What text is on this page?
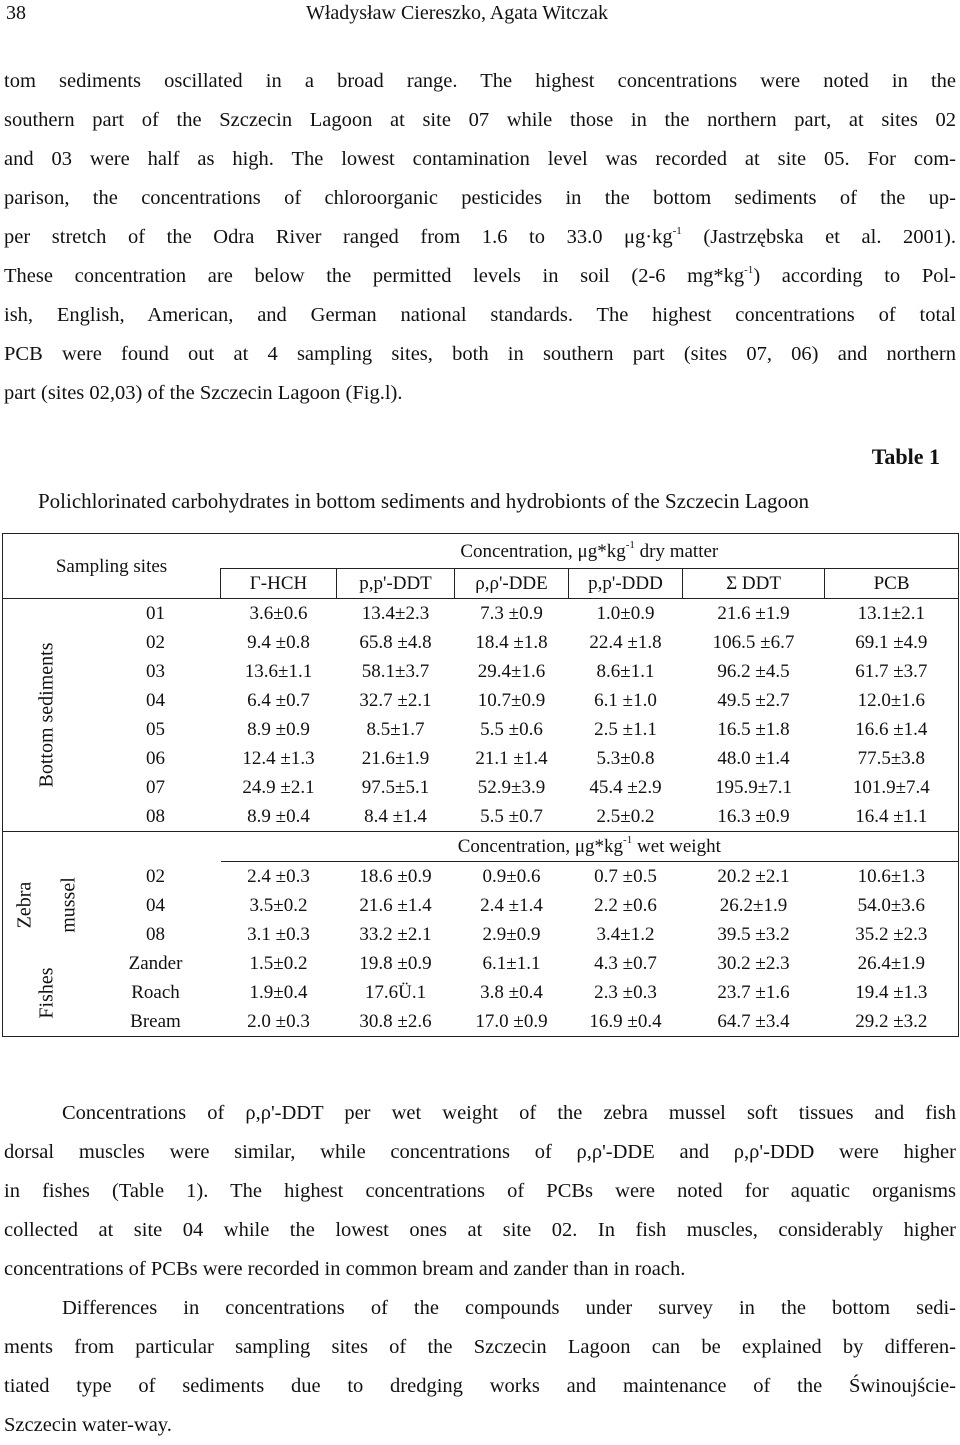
38	Władysław Ciereszko, Agata Witczak
tom sediments oscillated in a broad range. The highest concentrations were noted in the
southern part of the Szczecin Lagoon at site 07 while those in the northern part, at sites 02
and 03 were half as high. The lowest contamination level was recorded at site 05. For com-
parison, the concentrations of chloroorganic pesticides in the bottom sediments of the up-
per stretch of the Odra River ranged from 1.6 to 33.0 $\mu g\cdot kg^{-1}$ (Jastrzębska et al. 2001).
These concentration are below the permitted levels in soil (2-6 $mg*kg^{-1}$) according to Pol-
ish, English, American, and German national standards. The highest concentrations of total
PCB were found out at 4 sampling sites, both in southern part (sites 07, 06) and northern
part (sites 02,03) of the Szczecin Lagoon (Fig.l).
Table 1
Polichlorinated carbohydrates in bottom sediments and hydrobionts of the Szczecin Lagoon
Sampling sites			Concentration, $\mu g*kg^{-1}$ dry matter					
			Γ-HCH	p,p'-DDT	ρ,ρ'-DDE	p,p'-DDD	Σ DDT	PCB

Bottom sediments		01	3.6±0.6	13.4±2.3	7.3 ±0.9	1.0±0.9	21.6 ±1.9	13.1±2.1
		02	9.4 ±0.8	65.8 ±4.8	18.4 ±1.8	22.4 ±1.8	106.5 ±6.7	69.1 ±4.9
		03	13.6±1.1	58.1±3.7	29.4±1.6	8.6±1.1	96.2 ±4.5	61.7 ±3.7
		04	6.4 ±0.7	32.7 ±2.1	10.7±0.9	6.1 ±1.0	49.5 ±2.7	12.0±1.6
		05	8.9 ±0.9	8.5±1.7	5.5 ±0.6	2.5 ±1.1	16.5 ±1.8	16.6 ±1.4
		06	12.4 ±1.3	21.6±1.9	21.1 ±1.4	5.3±0.8	48.0 ±1.4	77.5±3.8
		07	24.9 ±2.1	97.5±5.1	52.9±3.9	45.4 ±2.9	195.9±7.1	101.9±7.4
		08	8.9 ±0.4	8.4 ±1.4	5.5 ±0.7	2.5±0.2	16.3 ±0.9	16.4 ±1.1
			Concentration, $\mu g*kg^{-1}$ wet weight					

Zebra	mussel	02	2.4 ±0.3	18.6 ±0.9	0.9±0.6	0.7 ±0.5	20.2 ±2.1	10.6±1.3
		04	3.5±0.2	21.6 ±1.4	2.4 ±1.4	2.2 ±0.6	26.2±1.9	54.0±3.6
		08	3.1 ±0.3	33.2 ±2.1	2.9±0.9	3.4±1.2	39.5 ±3.2	35.2 ±2.3

Fishes		Zander	1.5±0.2	19.8 ±0.9	6.1±1.1	4.3 ±0.7	30.2 ±2.3	26.4±1.9
		Roach	1.9±0.4	17.6Ü.1	3.8 ±0.4	2.3 ±0.3	23.7 ±1.6	19.4 ±1.3
		Bream	2.0 ±0.3	30.8 ±2.6	17.0 ±0.9	16.9 ±0.4	64.7 ±3.4	29.2 ±3.2
Concentrations of ρ,ρ'-DDT per wet weight of the zebra mussel soft tissues and fish
dorsal muscles were similar, while concentrations of ρ,ρ'-DDE and ρ,ρ'-DDD were higher
in fishes (Table 1). The highest concentrations of PCBs were noted for aquatic organisms
collected at site 04 while the lowest ones at site 02. In fish muscles, considerably higher
concentrations of PCBs were recorded in common bream and zander than in roach.
Differences in concentrations of the compounds under survey in the bottom sedi-
ments from particular sampling sites of the Szczecin Lagoon can be explained by differen-
tiated type of sediments due to dredging works and maintenance of the Świnoujście-
Szczecin water-way.
